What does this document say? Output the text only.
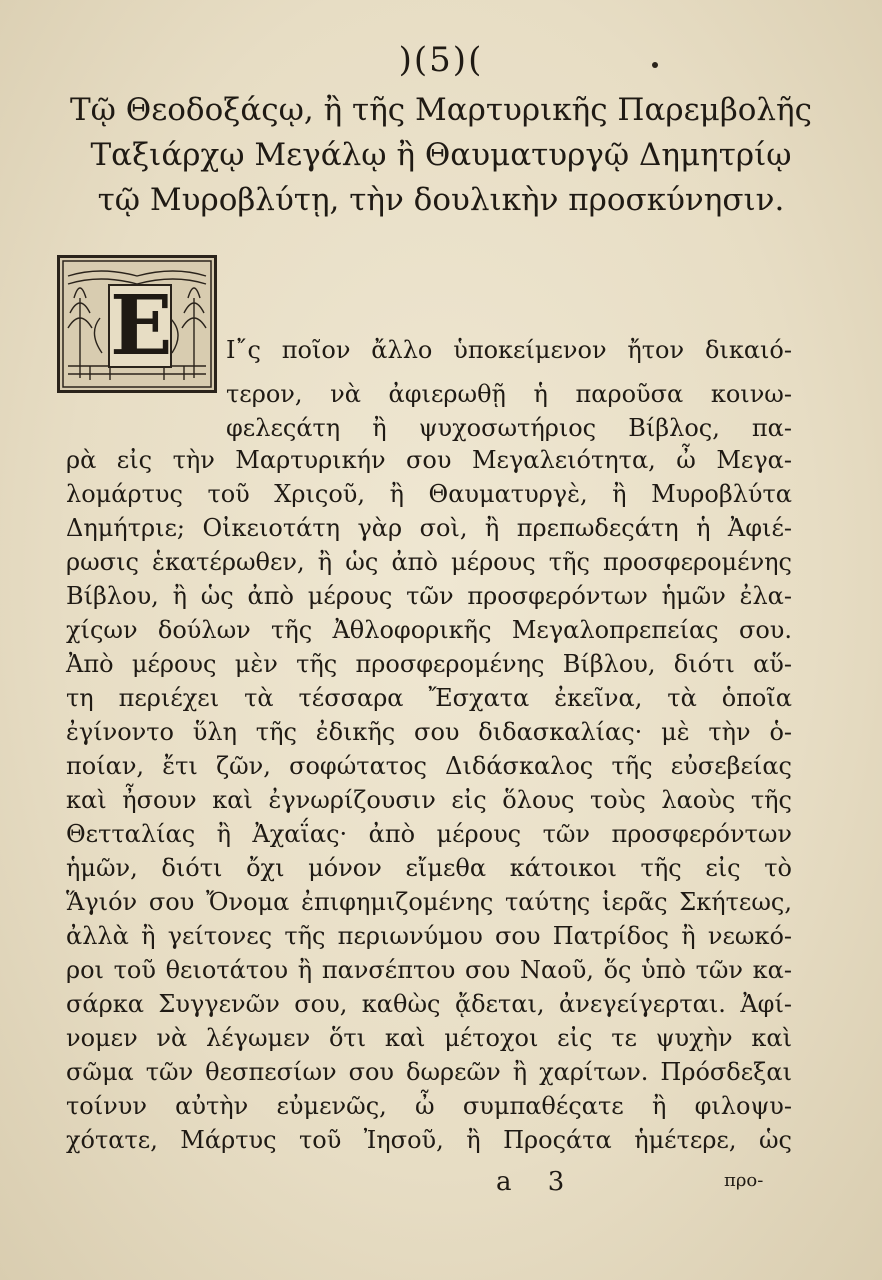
)(5)(
Τῷ Θεοδοξάςῳ, ἢ τῆς Μαρτυρικῆς Παρεμβολῆς
Ταξιάρχῳ Μεγάλῳ ἢ Θαυματυργῷ Δημητρίῳ
τῷ Μυροβλύτῃ, τὴν δουλικὴν προσκύνησιν.
Ε Ι῎ς ποῖον ἄλλο ὑποκείμενον ἤτον δικαιό-
τερον, νὰ ἀφιερωθῇ ἡ παροῦσα κοινω-
φελεςάτη ἢ ψυχοσωτήριος Βίβλος, πα-
ρὰ εἰς τὴν Μαρτυρικήν σου Μεγαλειότητα, ὦ Μεγα-
λομάρτυς τοῦ Χριςοῦ, ἢ Θαυματυργὲ, ἢ Μυροβλύτα
Δημήτριε; Οἰκειοτάτη γὰρ σοὶ, ἢ πρεπωδεςάτη ἡ Ἀφιέ-
ρωσις ἑκατέρωθεν, ἢ ὡς ἀπὸ μέρους τῆς προσφερομένης
Βίβλου, ἢ ὡς ἀπὸ μέρους τῶν προσφερόντων ἡμῶν ἐλα-
χίςων δούλων τῆς Ἀθλοφορικῆς Μεγαλοπρεπείας σου.
Ἀπὸ μέρους μὲν τῆς προσφερομένης Βίβλου, διότι αὕ-
τη περιέχει τὰ τέσσαρα Ἔσχατα ἐκεῖνα, τὰ ὁποῖα
ἐγίνοντο ὕλη τῆς ἐδικῆς σου διδασκαλίας· μὲ τὴν ὁ-
ποίαν, ἔτι ζῶν, σοφώτατος Διδάσκαλος τῆς εὐσεβείας
καὶ ἦσουν καὶ ἐγνωρίζουσιν εἰς ὅλους τοὺς λαοὺς τῆς
Θετταλίας ἢ Ἀχαΐας· ἀπὸ μέρους τῶν προσφερόντων
ἡμῶν, διότι ὄχι μόνον εἴμεθα κάτοικοι τῆς εἰς τὸ
Ἅγιόν σου Ὄνομα ἐπιφημιζομένης ταύτης ἱερᾶς Σκήτεως,
ἀλλὰ ἢ γείτονες τῆς περιωνύμου σου Πατρίδος ἢ νεωκό-
ροι τοῦ θειοτάτου ἢ πανσέπτου σου Ναοῦ, ὅς ὑπὸ τῶν κα-
σάρκα Συγγενῶν σου, καθὼς ᾄδεται, ἀνεγείγερται. Ἀφί-
νομεν νὰ λέγωμεν ὅτι καὶ μέτοχοι εἰς τε ψυχὴν καὶ
σῶμα τῶν θεσπεσίων σου δωρεῶν ἢ χαρίτων. Πρόσδεξαι
τοίνυν αὐτὴν εὐμενῶς, ὦ συμπαθέςατε ἢ φιλοψυ-
χότατε, Μάρτυς τοῦ Ἰησοῦ, ἢ Προςάτα ἡμέτερε, ὡς
a 3	προ-
